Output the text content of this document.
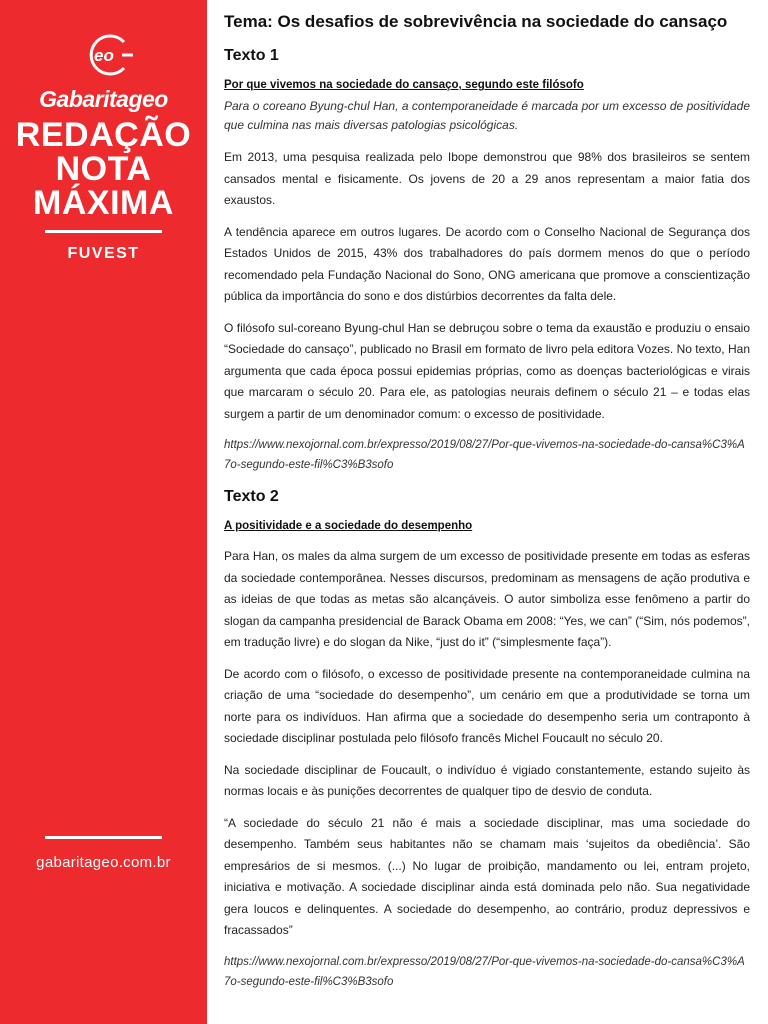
eo
Gabaritageo
REDAÇÃO
NOTA
MÁXIMA
FUVEST
gabaritageo.com.br
Tema: Os desafios de sobrevivência na sociedade do cansaço
Texto 1
Por que vivemos na sociedade do cansaço, segundo este filósofo
Para o coreano Byung-chul Han, a contemporaneidade é marcada por um excesso de positividade que culmina nas mais diversas patologias psicológicas.
Em 2013, uma pesquisa realizada pelo Ibope demonstrou que 98% dos brasileiros se sentem cansados mental e fisicamente. Os jovens de 20 a 29 anos representam a maior fatia dos exaustos.
A tendência aparece em outros lugares. De acordo com o Conselho Nacional de Segurança dos Estados Unidos de 2015, 43% dos trabalhadores do país dormem menos do que o período recomendado pela Fundação Nacional do Sono, ONG americana que promove a conscientização pública da importância do sono e dos distúrbios decorrentes da falta dele.
O filósofo sul-coreano Byung-chul Han se debruçou sobre o tema da exaustão e produziu o ensaio “Sociedade do cansaço”, publicado no Brasil em formato de livro pela editora Vozes. No texto, Han argumenta que cada época possui epidemias próprias, como as doenças bacteriológicas e virais que marcaram o século 20. Para ele, as patologias neurais definem o século 21 – e todas elas surgem a partir de um denominador comum: o excesso de positividade.
https://www.nexojornal.com.br/expresso/2019/08/27/Por-que-vivemos-na-sociedade-do-cansa%C3%A7o-segundo-este-fil%C3%B3sofo
Texto 2
A positividade e a sociedade do desempenho
Para Han, os males da alma surgem de um excesso de positividade presente em todas as esferas da sociedade contemporânea. Nesses discursos, predominam as mensagens de ação produtiva e as ideias de que todas as metas são alcançáveis. O autor simboliza esse fenômeno a partir do slogan da campanha presidencial de Barack Obama em 2008: “Yes, we can” (“Sim, nós podemos”, em tradução livre) e do slogan da Nike, “just do it” (“simplesmente faça”).
De acordo com o filósofo, o excesso de positividade presente na contemporaneidade culmina na criação de uma “sociedade do desempenho”, um cenário em que a produtividade se torna um norte para os indivíduos. Han afirma que a sociedade do desempenho seria um contraponto à sociedade disciplinar postulada pelo filósofo francês Michel Foucault no século 20.
Na sociedade disciplinar de Foucault, o indivíduo é vigiado constantemente, estando sujeito às normas locais e às punições decorrentes de qualquer tipo de desvio de conduta.
“A sociedade do século 21 não é mais a sociedade disciplinar, mas uma sociedade do desempenho. Também seus habitantes não se chamam mais ‘sujeitos da obediência’. São empresários de si mesmos. (...) No lugar de proibição, mandamento ou lei, entram projeto, iniciativa e motivação. A sociedade disciplinar ainda está dominada pelo não. Sua negatividade gera loucos e delinquentes. A sociedade do desempenho, ao contrário, produz depressivos e fracassados”
https://www.nexojornal.com.br/expresso/2019/08/27/Por-que-vivemos-na-sociedade-do-cansa%C3%A7o-segundo-este-fil%C3%B3sofo
